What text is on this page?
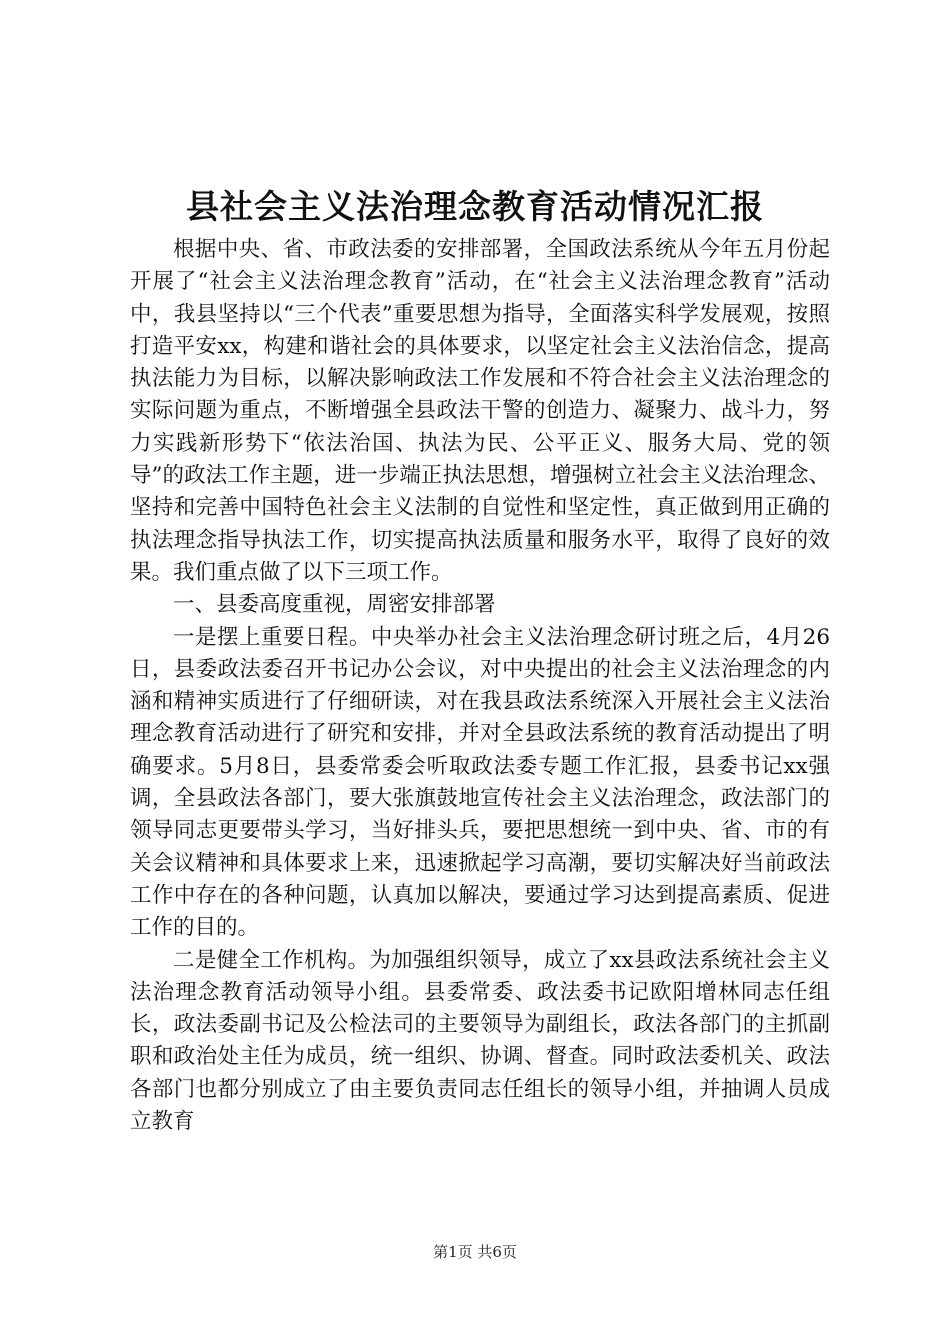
县社会主义法治理念教育活动情况汇报

根据中央、省、市政法委的安排部署，全国政法系统从今年五月份起开展了“社会主义法治理念教育”活动，在“社会主义法治理念教育”活动中，我县坚持以“三个代表”重要思想为指导，全面落实科学发展观，按照打造平安xx，构建和谐社会的具体要求，以坚定社会主义法治信念，提高执法能力为目标，以解决影响政法工作发展和不符合社会主义法治理念的实际问题为重点，不断增强全县政法干警的创造力、凝聚力、战斗力，努力实践新形势下“依法治国、执法为民、公平正义、服务大局、党的领导”的政法工作主题，进一步端正执法思想，增强树立社会主义法治理念、坚持和完善中国特色社会主义法制的自觉性和坚定性，真正做到用正确的执法理念指导执法工作，切实提高执法质量和服务水平，取得了良好的效果。我们重点做了以下三项工作。

一、县委高度重视，周密安排部署

一是摆上重要日程。中央举办社会主义法治理念研讨班之后，4月26日，县委政法委召开书记办公会议，对中央提出的社会主义法治理念的内涵和精神实质进行了仔细研读，对在我县政法系统深入开展社会主义法治理念教育活动进行了研究和安排，并对全县政法系统的教育活动提出了明确要求。5月8日，县委常委会听取政法委专题工作汇报，县委书记xx强调，全县政法各部门，要大张旗鼓地宣传社会主义法治理念，政法部门的领导同志更要带头学习，当好排头兵，要把思想统一到中央、省、市的有关会议精神和具体要求上来，迅速掀起学习高潮，要切实解决好当前政法工作中存在的各种问题，认真加以解决，要通过学习达到提高素质、促进工作的目的。

二是健全工作机构。为加强组织领导，成立了xx县政法系统社会主义法治理念教育活动领导小组。县委常委、政法委书记欧阳增林同志任组长，政法委副书记及公检法司的主要领导为副组长，政法各部门的主抓副职和政治处主任为成员，统一组织、协调、督查。同时政法委机关、政法各部门也都分别成立了由主要负责同志任组长的领导小组，并抽调人员成立教育

第1页 共6页
